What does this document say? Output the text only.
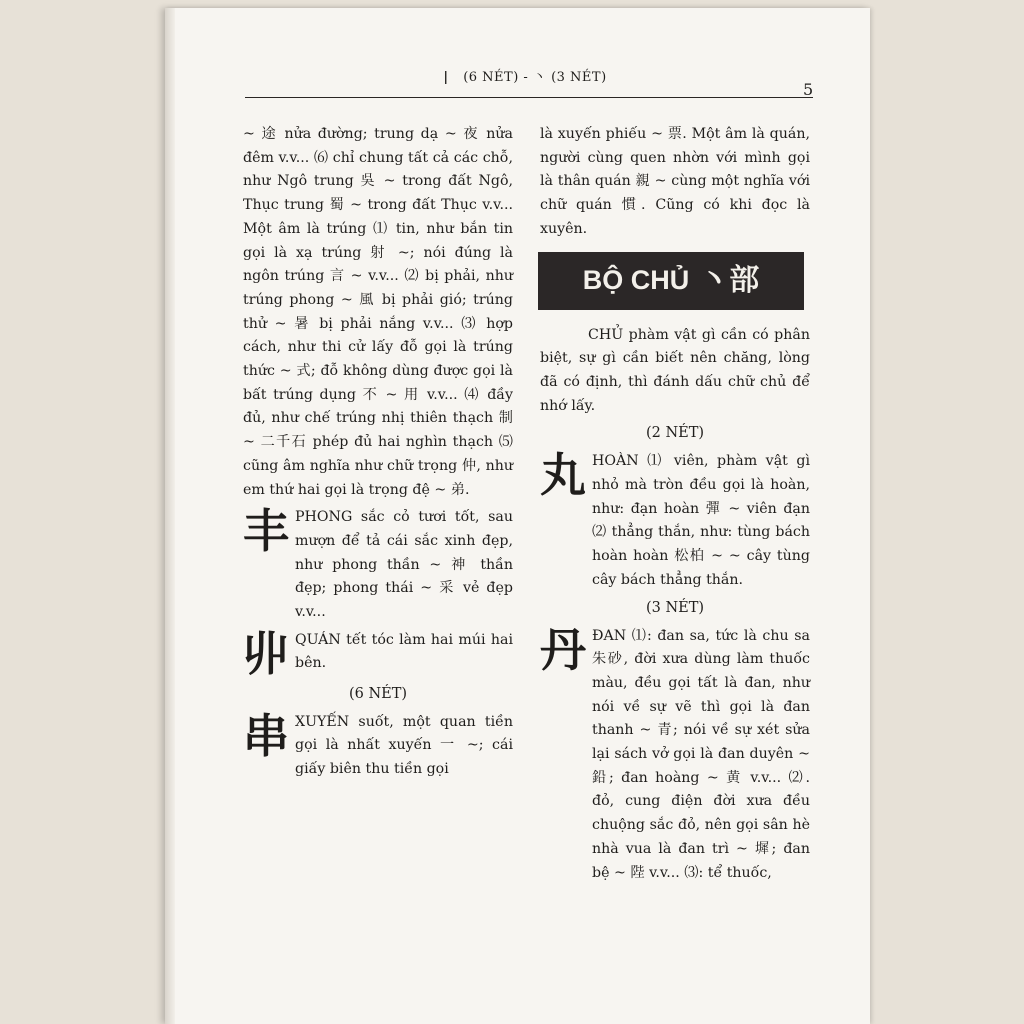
| (6 NÉT) - 丶 (3 NÉT)
5

~ 途 nửa đường; trung dạ ~ 夜 nửa đêm v.v... ⑹ chỉ chung tất cả các chỗ, như Ngô trung 吳 ~ trong đất Ngô, Thục trung 蜀 ~ trong đất Thục v.v... Một âm là trúng ⑴ tin, như bắn tin gọi là xạ trúng 射 ~; nói đúng là ngôn trúng 言 ~ v.v... ⑵ bị phải, như trúng phong ~ 風 bị phải gió; trúng thử ~ 暑 bị phải nắng v.v... ⑶ hợp cách, như thi cử lấy đỗ gọi là trúng thức ~ 式; đỗ không dùng được gọi là bất trúng dụng 不 ~ 用 v.v... ⑷ đầy đủ, như chế trúng nhị thiên thạch 制 ~ 二千石 phép đủ hai nghìn thạch ⑸ cũng âm nghĩa như chữ trọng 仲, như em thứ hai gọi là trọng đệ ~ 弟.

丰 PHONG sắc cỏ tươi tốt, sau mượn để tả cái sắc xinh đẹp, như phong thần ~ 神 thần đẹp; phong thái ~ 采 vẻ đẹp v.v...
丱 QUÁN tết tóc làm hai múi hai bên.
(6 NÉT)
串 XUYẾN suốt, một quan tiền gọi là nhất xuyến 一 ~; cái giấy biên thu tiền gọi

là xuyến phiếu ~ 票. Một âm là quán, người cùng quen nhờn với mình gọi là thân quán 親 ~ cùng một nghĩa với chữ quán 慣. Cũng có khi đọc là xuyên.

BỘ CHỦ 丶部

CHỦ phàm vật gì cần có phân biệt, sự gì cần biết nên chăng, lòng đã có định, thì đánh dấu chữ chủ để nhớ lấy.

(2 NÉT)
丸 HOÀN ⑴ viên, phàm vật gì nhỏ mà tròn đều gọi là hoàn, như: đạn hoàn 彈 ~ viên đạn ⑵ thẳng thắn, như: tùng bách hoàn hoàn 松柏 ~ ~ cây tùng cây bách thẳng thắn.
(3 NÉT)
丹 ĐAN ⑴: đan sa, tức là chu sa 朱砂, đời xưa dùng làm thuốc màu, đều gọi tất là đan, như nói về sự vẽ thì gọi là đan thanh ~ 青; nói về sự xét sửa lại sách vở gọi là đan duyên ~ 鉛; đan hoàng ~ 黄 v.v... ⑵. đỏ, cung điện đời xưa đều chuộng sắc đỏ, nên gọi sân hè nhà vua là đan trì ~ 墀; đan bệ ~ 陛 v.v... ⑶: tể thuốc,
